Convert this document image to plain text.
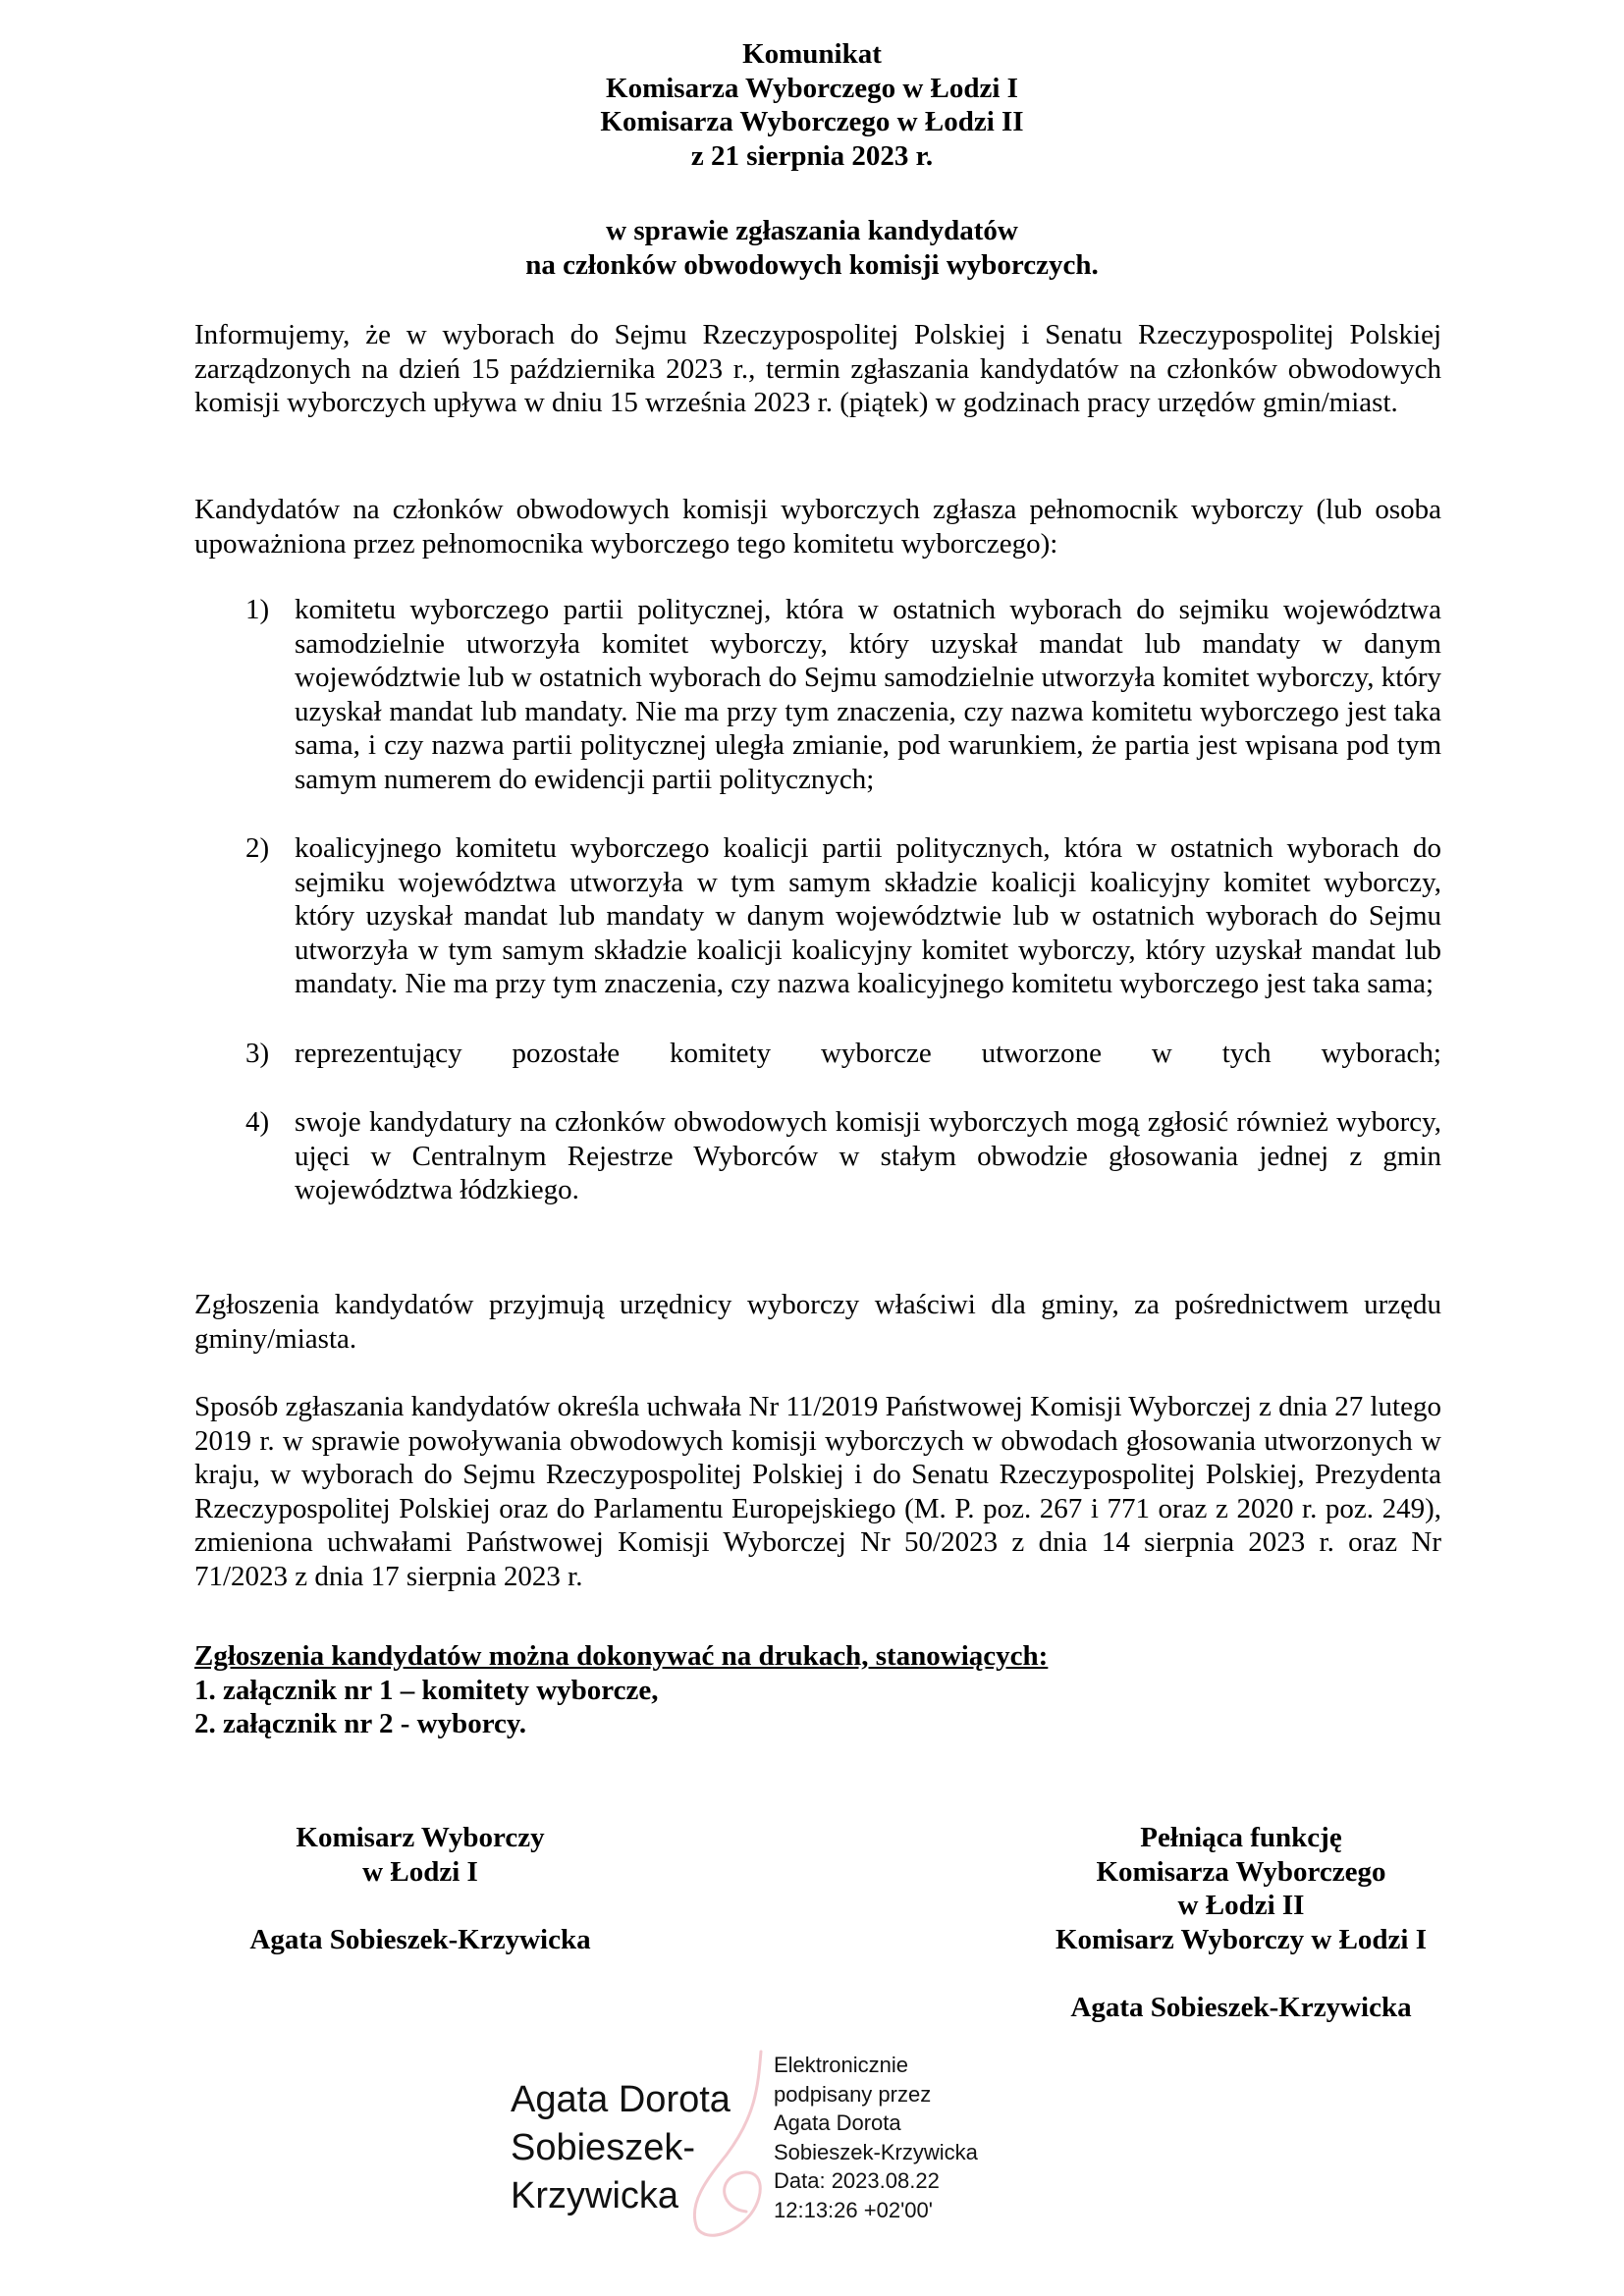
Komunikat
Komisarza Wyborczego w Łodzi I
Komisarza Wyborczego w Łodzi II
z 21 sierpnia 2023 r.
w sprawie zgłaszania kandydatów
na członków obwodowych komisji wyborczych.

Informujemy, że w wyborach do Sejmu Rzeczypospolitej Polskiej i Senatu Rzeczypospolitej Polskiej zarządzonych na dzień 15 października 2023 r., termin zgłaszania kandydatów na członków obwodowych komisji wyborczych upływa w dniu 15 września 2023 r. (piątek) w godzinach pracy urzędów gmin/miast.

Kandydatów na członków obwodowych komisji wyborczych zgłasza pełnomocnik wyborczy (lub osoba upoważniona przez pełnomocnika wyborczego tego komitetu wyborczego):

1) komitetu wyborczego partii politycznej, która w ostatnich wyborach do sejmiku województwa samodzielnie utworzyła komitet wyborczy, który uzyskał mandat lub mandaty w danym województwie lub w ostatnich wyborach do Sejmu samodzielnie utworzyła komitet wyborczy, który uzyskał mandat lub mandaty. Nie ma przy tym znaczenia, czy nazwa komitetu wyborczego jest taka sama, i czy nazwa partii politycznej uległa zmianie, pod warunkiem, że partia jest wpisana pod tym samym numerem do ewidencji partii politycznych;
2) koalicyjnego komitetu wyborczego koalicji partii politycznych, która w ostatnich wyborach do sejmiku województwa utworzyła w tym samym składzie koalicji koalicyjny komitet wyborczy, który uzyskał mandat lub mandaty w danym województwie lub w ostatnich wyborach do Sejmu utworzyła w tym samym składzie koalicji koalicyjny komitet wyborczy, który uzyskał mandat lub mandaty. Nie ma przy tym znaczenia, czy nazwa koalicyjnego komitetu wyborczego jest taka sama;
3) reprezentujący pozostałe komitety wyborcze utworzone w tych wyborach;
4) swoje kandydatury na członków obwodowych komisji wyborczych mogą zgłosić również wyborcy, ujęci w Centralnym Rejestrze Wyborców w stałym obwodzie głosowania jednej z gmin województwa łódzkiego.

Zgłoszenia kandydatów przyjmują urzędnicy wyborczy właściwi dla gminy, za pośrednictwem urzędu gminy/miasta.

Sposób zgłaszania kandydatów określa uchwała Nr 11/2019 Państwowej Komisji Wyborczej z dnia 27 lutego 2019 r. w sprawie powoływania obwodowych komisji wyborczych w obwodach głosowania utworzonych w kraju, w wyborach do Sejmu Rzeczypospolitej Polskiej i do Senatu Rzeczypospolitej Polskiej, Prezydenta Rzeczypospolitej Polskiej oraz do Parlamentu Europejskiego (M. P. poz. 267 i 771 oraz z 2020 r. poz. 249), zmieniona uchwałami Państwowej Komisji Wyborczej Nr 50/2023 z dnia 14 sierpnia 2023 r. oraz Nr 71/2023 z dnia 17 sierpnia 2023 r.

Zgłoszenia kandydatów można dokonywać na drukach, stanowiących:
1. załącznik nr 1 – komitety wyborcze,
2. załącznik nr 2 - wyborcy.
Komisarz Wyborczy
w Łodzi I
Agata Sobieszek-Krzywicka
Pełniąca funkcję
Komisarza Wyborczego
w Łodzi II
Komisarz Wyborczy w Łodzi I
Agata Sobieszek-Krzywicka
Agata Dorota
Sobieszek-
Krzywicka
Elektronicznie
podpisany przez
Agata Dorota
Sobieszek-Krzywicka
Data: 2023.08.22
12:13:26 +02'00'
